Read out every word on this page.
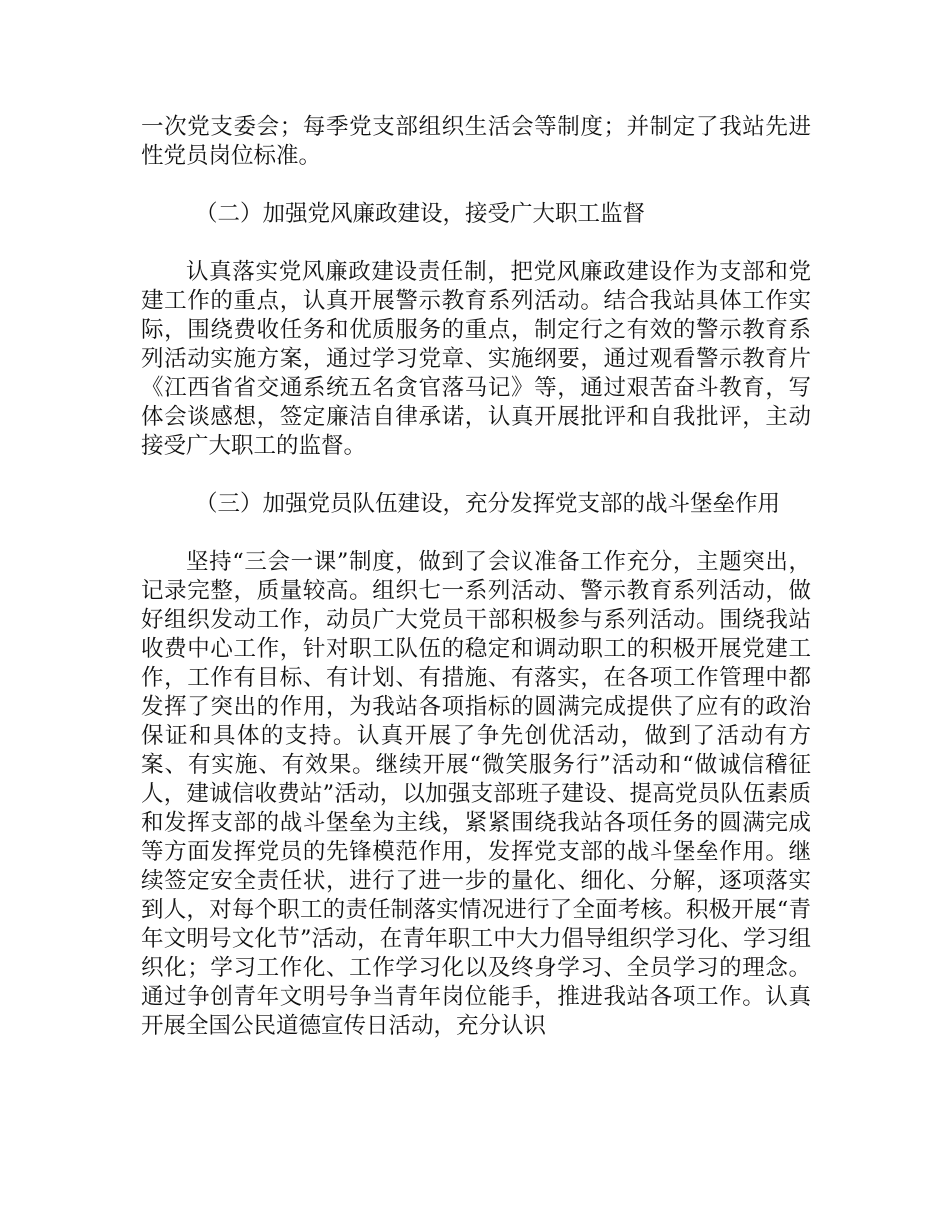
一次党支委会；每季党支部组织生活会等制度；并制定了我站先进性党员岗位标准。

（二）加强党风廉政建设，接受广大职工监督

认真落实党风廉政建设责任制，把党风廉政建设作为支部和党建工作的重点，认真开展警示教育系列活动。结合我站具体工作实际，围绕费收任务和优质服务的重点，制定行之有效的警示教育系列活动实施方案，通过学习党章、实施纲要，通过观看警示教育片《江西省省交通系统五名贪官落马记》等，通过艰苦奋斗教育，写体会谈感想，签定廉洁自律承诺，认真开展批评和自我批评，主动接受广大职工的监督。

（三）加强党员队伍建设，充分发挥党支部的战斗堡垒作用

坚持“三会一课”制度，做到了会议准备工作充分，主题突出，记录完整，质量较高。组织七一系列活动、警示教育系列活动，做好组织发动工作，动员广大党员干部积极参与系列活动。围绕我站收费中心工作，针对职工队伍的稳定和调动职工的积极开展党建工作，工作有目标、有计划、有措施、有落实，在各项工作管理中都发挥了突出的作用，为我站各项指标的圆满完成提供了应有的政治保证和具体的支持。认真开展了争先创优活动，做到了活动有方案、有实施、有效果。继续开展“微笑服务行”活动和“做诚信稽征人，建诚信收费站”活动，以加强支部班子建设、提高党员队伍素质和发挥支部的战斗堡垒为主线，紧紧围绕我站各项任务的圆满完成等方面发挥党员的先锋模范作用，发挥党支部的战斗堡垒作用。继续签定安全责任状，进行了进一步的量化、细化、分解，逐项落实到人，对每个职工的责任制落实情况进行了全面考核。积极开展“青年文明号文化节”活动，在青年职工中大力倡导组织学习化、学习组织化；学习工作化、工作学习化以及终身学习、全员学习的理念。通过争创青年文明号争当青年岗位能手，推进我站各项工作。认真开展全国公民道德宣传日活动，充分认识
